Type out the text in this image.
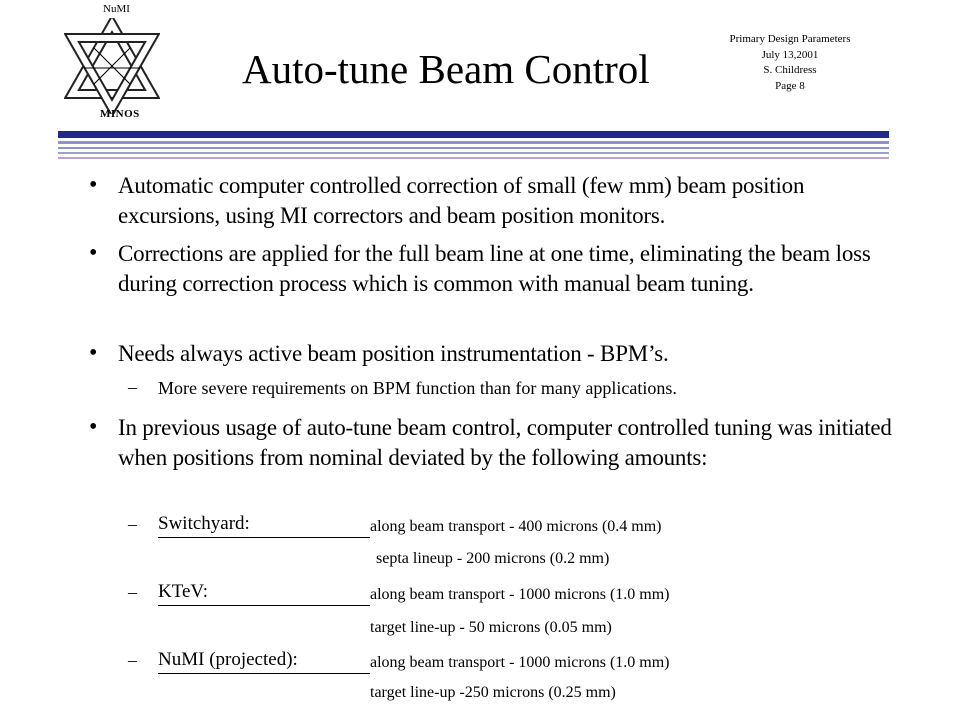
NuMI
MINOS
Auto-tune Beam Control
Primary Design Parameters
July 13,2001
S. Childress
Page 8
• Automatic computer controlled correction of small (few mm) beam position excursions, using MI correctors and beam position monitors.
• Corrections are applied for the full beam line at one time, eliminating the beam loss during correction process which is common with manual beam tuning.
• Needs always active beam position instrumentation - BPM’s.
– More severe requirements on BPM function than for many applications.
• In previous usage of auto-tune beam control, computer controlled tuning was initiated when positions from nominal deviated by the following amounts:
– Switchyard:	along beam transport - 400 microns (0.4 mm)
septa lineup - 200 microns (0.2 mm)
– KTeV:	along beam transport - 1000 microns (1.0 mm)
target line-up - 50 microns (0.05 mm)
– NuMI (projected):	along beam transport - 1000 microns (1.0 mm)
target line-up -250 microns (0.25 mm)
